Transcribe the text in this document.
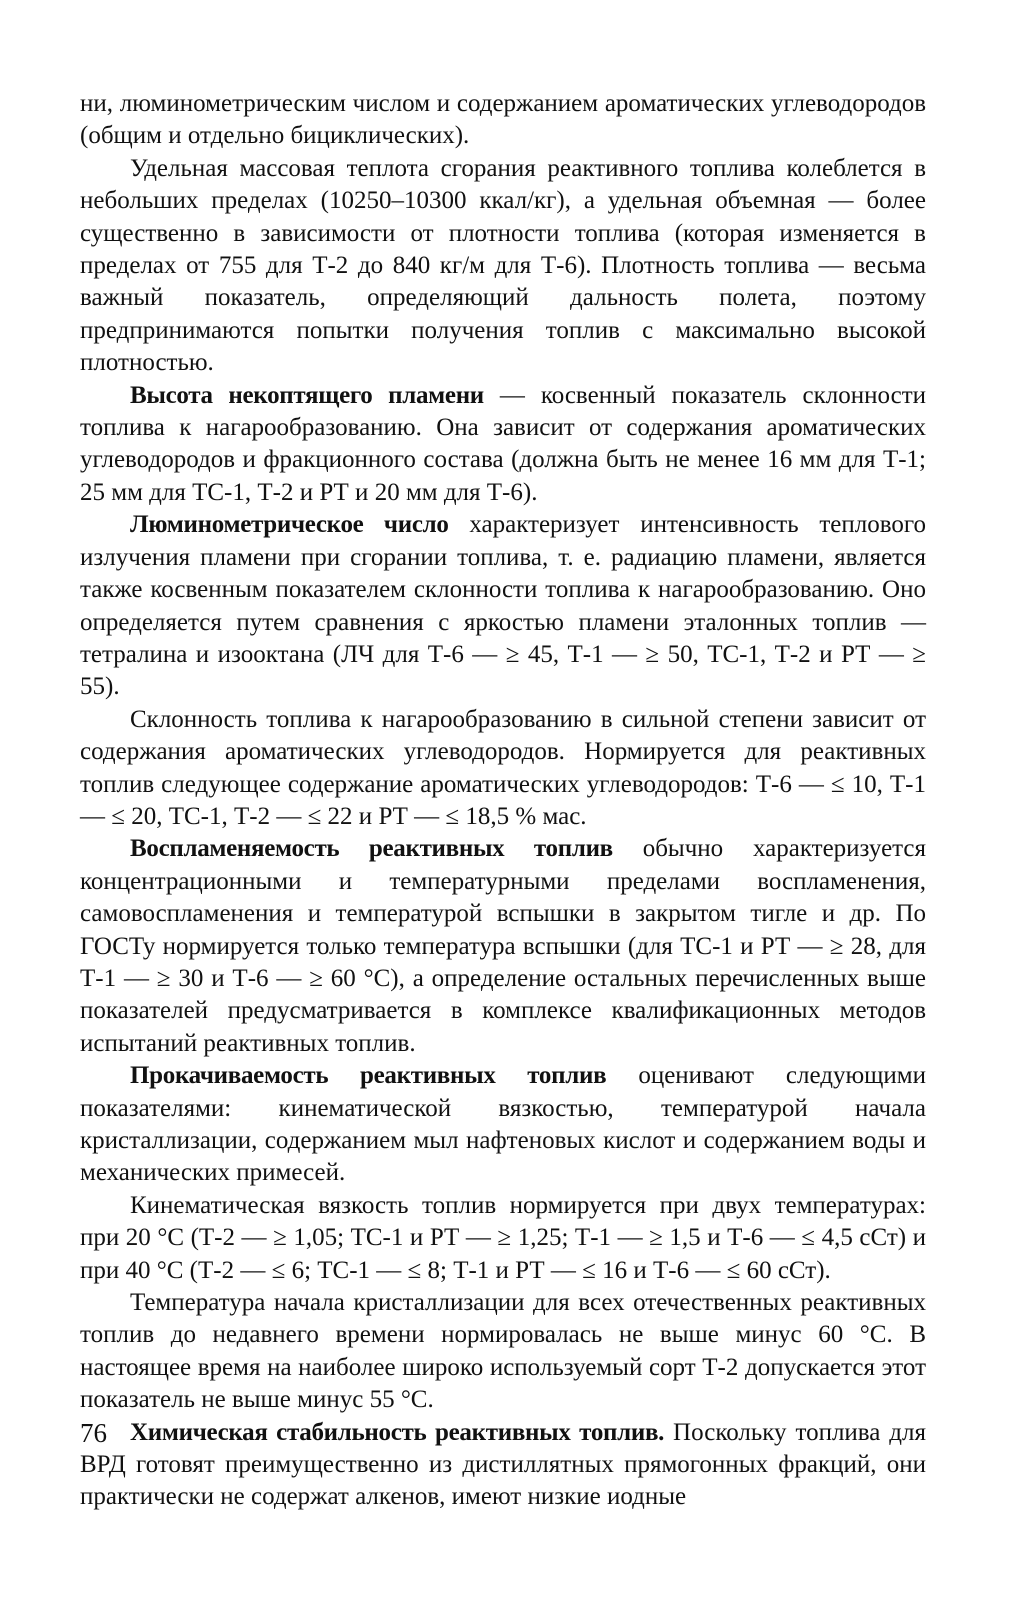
ни, люминометрическим числом и содержанием ароматических углеводородов (общим и отдельно бициклических).

Удельная массовая теплота сгорания реактивного топлива колеблется в небольших пределах (10250–10300 ккал/кг), а удельная объемная — более существенно в зависимости от плотности топлива (которая изменяется в пределах от 755 для Т-2 до 840 кг/м для Т-6). Плотность топлива — весьма важный показатель, определяющий дальность полета, поэтому предпринимаются попытки получения топлив с максимально высокой плотностью.

Высота некоптящего пламени — косвенный показатель склонности топлива к нагарообразованию. Она зависит от содержания ароматических углеводородов и фракционного состава (должна быть не менее 16 мм для Т-1; 25 мм для ТС-1, Т-2 и РТ и 20 мм для Т-6).

Люминометрическое число характеризует интенсивность теплового излучения пламени при сгорании топлива, т. е. радиацию пламени, является также косвенным показателем склонности топлива к нагарообразованию. Оно определяется путем сравнения с яркостью пламени эталонных топлив — тетралина и изооктана (ЛЧ для Т-6 — ≥ 45, Т-1 — ≥ 50, ТС-1, Т-2 и РТ — ≥ 55).

Склонность топлива к нагарообразованию в сильной степени зависит от содержания ароматических углеводородов. Нормируется для реактивных топлив следующее содержание ароматических углеводородов: Т-6 — ≤ 10, Т-1 — ≤ 20, ТС-1, Т-2 — ≤ 22 и РТ — ≤ 18,5 % мас.

Воспламеняемость реактивных топлив обычно характеризуется концентрационными и температурными пределами воспламенения, самовоспламенения и температурой вспышки в закрытом тигле и др. По ГОСТу нормируется только температура вспышки (для ТС-1 и РТ — ≥ 28, для Т-1 — ≥ 30 и Т-6 — ≥ 60 °С), а определение остальных перечисленных выше показателей предусматривается в комплексе квалификационных методов испытаний реактивных топлив.

Прокачиваемость реактивных топлив оценивают следующими показателями: кинематической вязкостью, температурой начала кристаллизации, содержанием мыл нафтеновых кислот и содержанием воды и механических примесей.

Кинематическая вязкость топлив нормируется при двух температурах: при 20 °С (Т-2 — ≥ 1,05; ТС-1 и РТ — ≥ 1,25; Т-1 — ≥ 1,5 и Т-6 — ≤ 4,5 сСт) и при 40 °С (Т-2 — ≤ 6; ТС-1 — ≤ 8; Т-1 и РТ — ≤ 16 и Т-6 — ≤ 60 сСт).

Температура начала кристаллизации для всех отечественных реактивных топлив до недавнего времени нормировалась не выше минус 60 °С. В настоящее время на наиболее широко используемый сорт Т-2 допускается этот показатель не выше минус 55 °С.

Химическая стабильность реактивных топлив. Поскольку топлива для ВРД готовят преимущественно из дистиллятных прямогонных фракций, они практически не содержат алкенов, имеют низкие иодные

76
